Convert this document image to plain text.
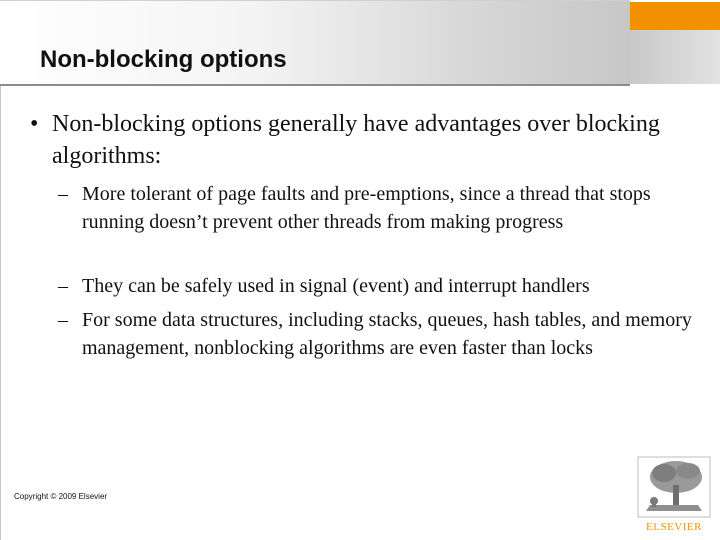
Non-blocking options
• Non-blocking options generally have advantages over blocking algorithms:
– More tolerant of page faults and pre-emptions, since a thread that stops running doesn’t prevent other threads from making progress
– They can be safely used in signal (event) and interrupt handlers
– For some data structures, including stacks, queues, hash tables, and memory management, nonblocking algorithms are even faster than locks
Copyright © 2009 Elsevier
ELSEVIER
